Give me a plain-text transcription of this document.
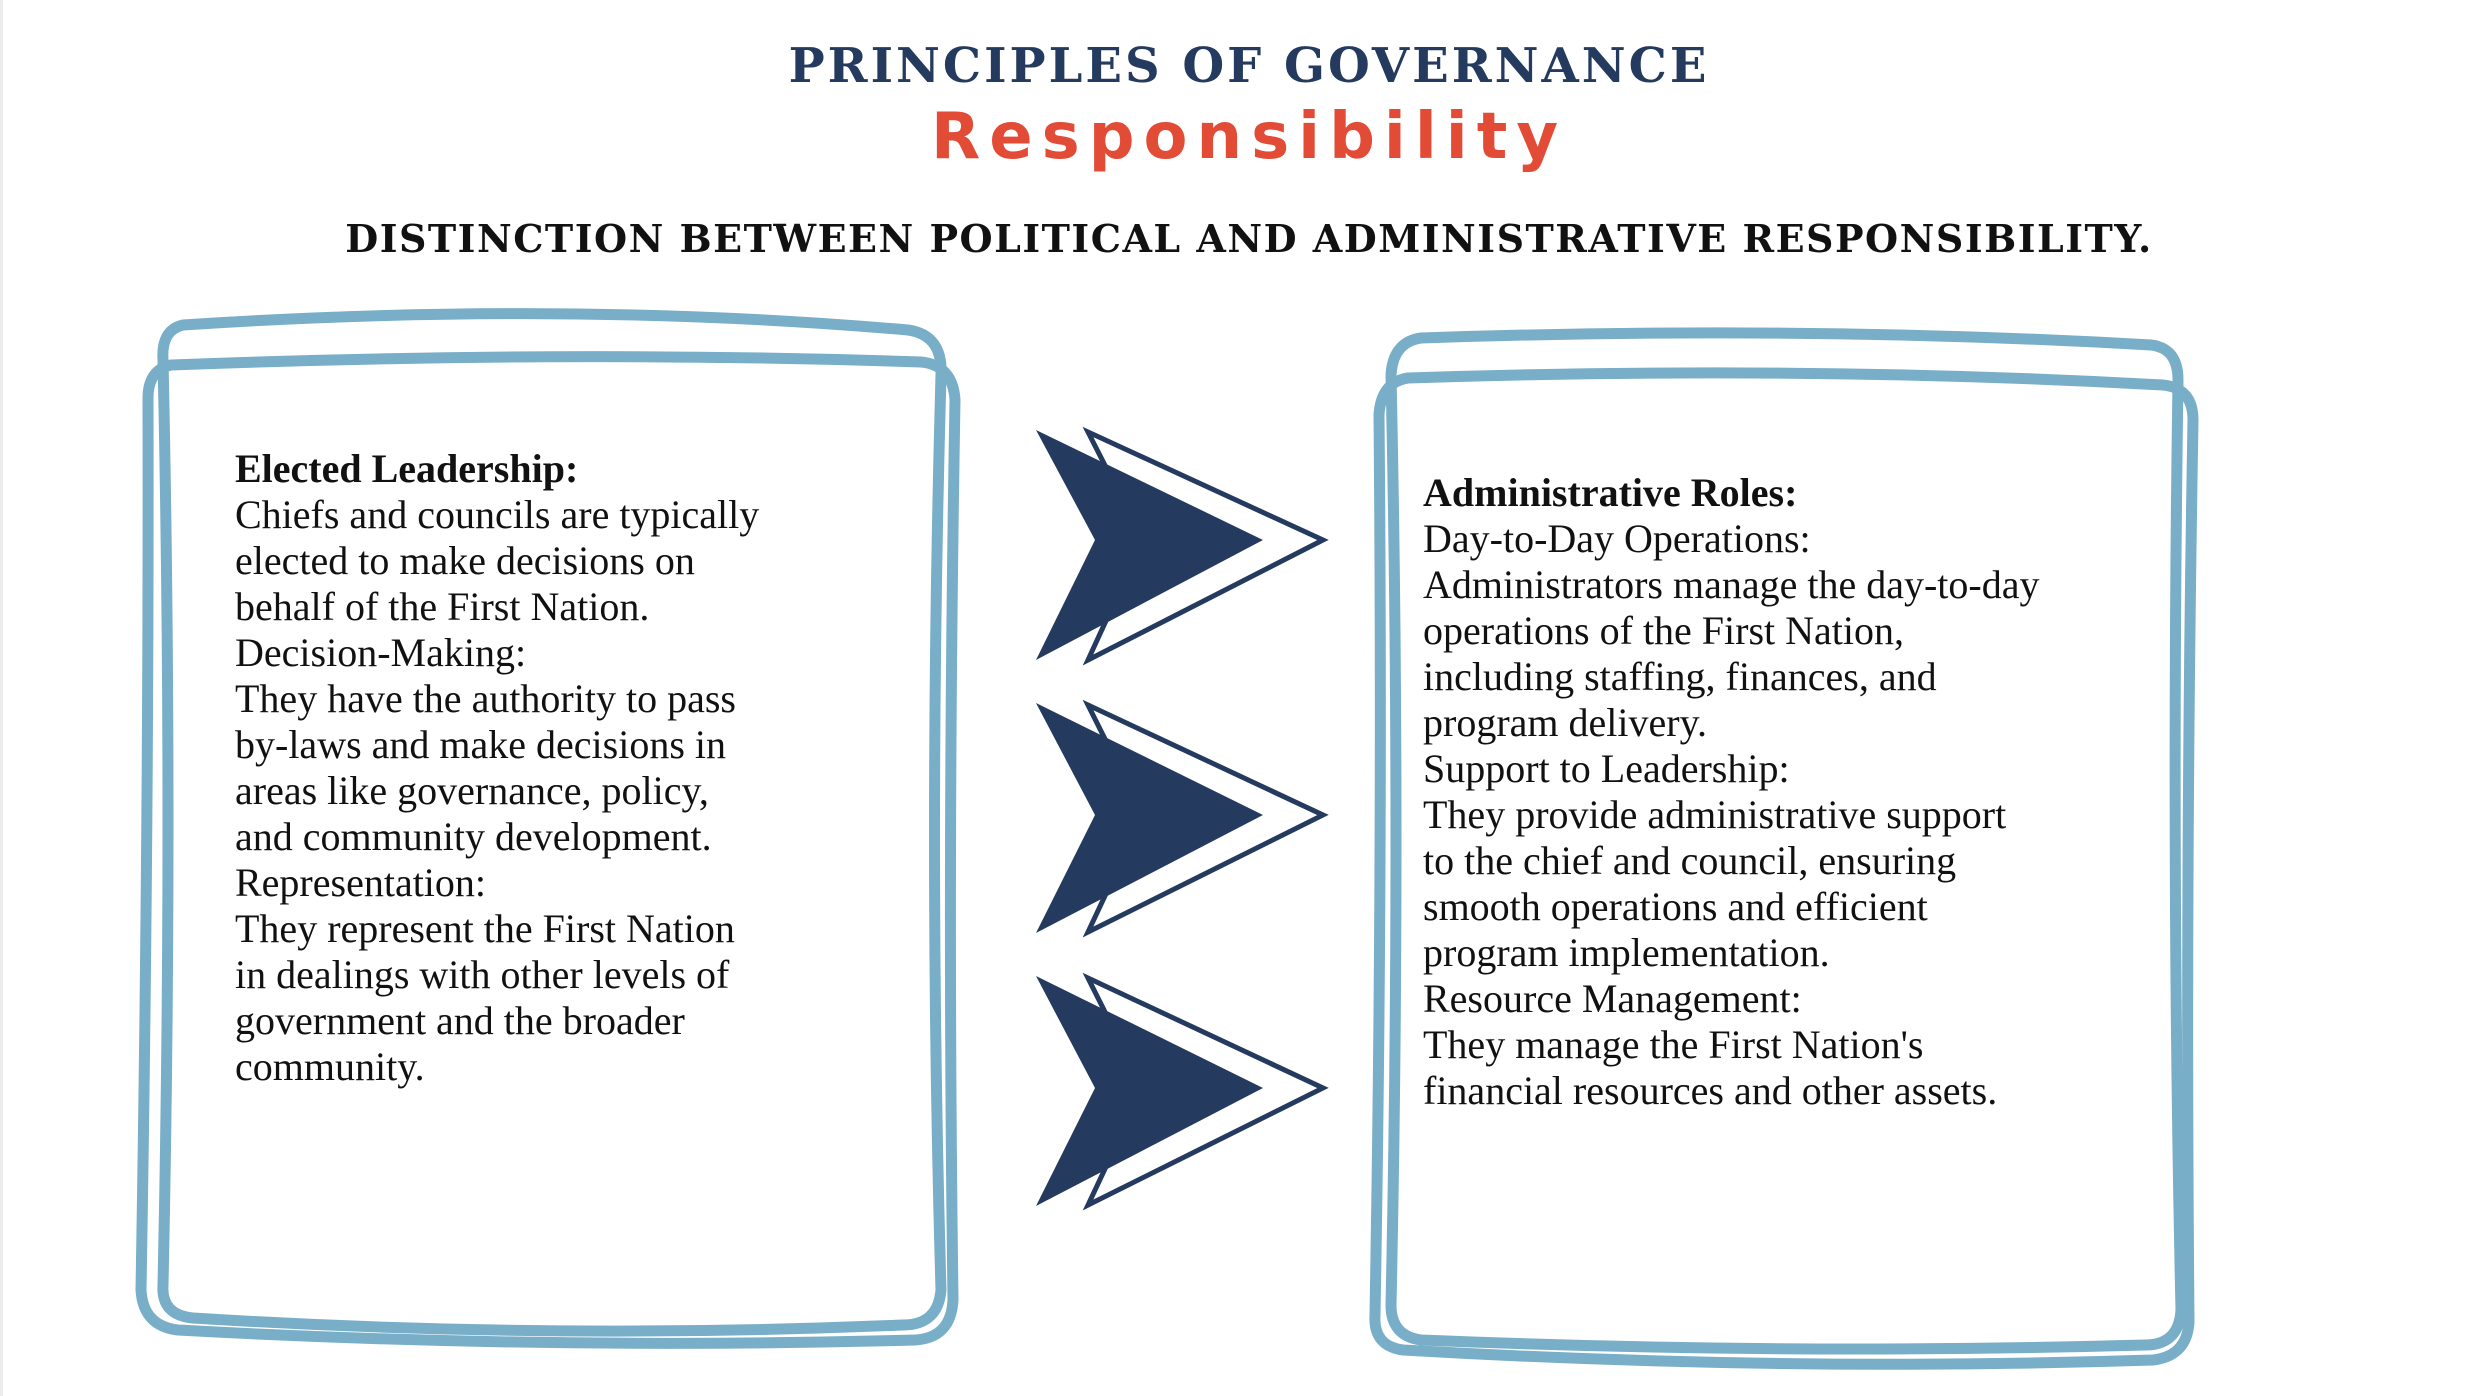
PRINCIPLES OF GOVERNANCE
Responsibility
DISTINCTION BETWEEN POLITICAL AND ADMINISTRATIVE RESPONSIBILITY.
Elected Leadership:
Chiefs and councils are typically
elected to make decisions on
behalf of the First Nation.
Decision-Making:
They have the authority to pass
by-laws and make decisions in
areas like governance, policy,
and community development.
Representation:
They represent the First Nation
in dealings with other levels of
government and the broader
community.
Administrative Roles:
Day-to-Day Operations:
Administrators manage the day-to-day
operations of the First Nation,
including staffing, finances, and
program delivery.
Support to Leadership:
They provide administrative support
to the chief and council, ensuring
smooth operations and efficient
program implementation.
Resource Management:
They manage the First Nation's
financial resources and other assets.
